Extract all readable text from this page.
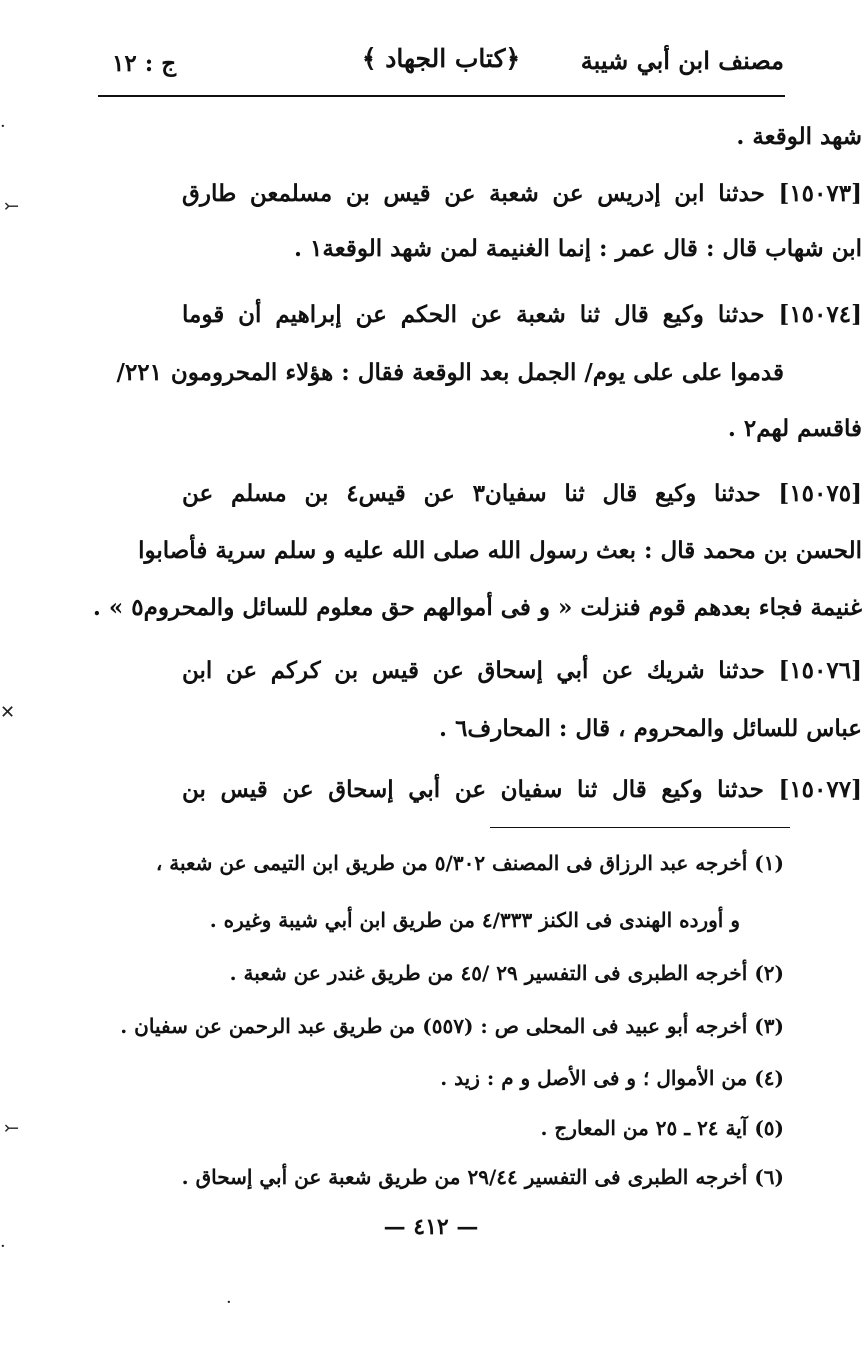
مصنف ابن أبي شيبة
﴿كتاب الجهاد ﴾
ج : ١٢
شهد الوقعة .
[١٥٠٧٣] حدثنا ابن إدريس عن شعبة عن قيس بن مسلمعن طارق
ابن شهاب قال : قال عمر : إنما الغنيمة لمن شهد الوقعة١ .
[١٥٠٧٤] حدثنا وكيع قال ثنا شعبة عن الحكم عن إبراهيم أن قوما
قدموا على على يوم/ الجمل بعد الوقعة فقال : هؤلاء المحرومون
فاقسم لهم٢ .
[١٥٠٧٥] حدثنا وكيع قال ثنا سفيان٣ عن قيس٤ بن مسلم عن
الحسن بن محمد قال : بعث رسول الله صلى الله عليه و سلم سرية فأصابوا
غنيمة فجاء بعدهم قوم فنزلت « و فى أموالهم حق معلوم للسائل والمحروم٥ » .
[١٥٠٧٦] حدثنا شريك عن أبي إسحاق عن قيس بن كركم عن ابن
عباس للسائل والمحروم ، قال : المحارف٦ .
[١٥٠٧٧] حدثنا وكيع قال ثنا سفيان عن أبي إسحاق عن قيس بن
٢٢١/
(١) أخرجه عبد الرزاق فى المصنف ٥/٣٠٢ من طريق ابن التيمى عن شعبة ،
و أورده الهندى فى الكنز ٤/٣٣٣ من طريق ابن أبي شيبة وغيره .
(٢) أخرجه الطبرى فى التفسير ٢٩ /٤٥ من طريق غندر عن شعبة .
(٣) أخرجه أبو عبيد فى المحلى ص : (٥٥٧) من طريق عبد الرحمن عن سفيان .
(٤) من الأموال ؛ و فى الأصل و م : زيد .
(٥) آية ٢٤ ـ ٢٥ من المعارج .
(٦) أخرجه الطبرى فى التفسير ٢٩/٤٤ من طريق شعبة عن أبي إسحاق .
— ٤١٢ —
·
⤚
✕
⤚
·
·
